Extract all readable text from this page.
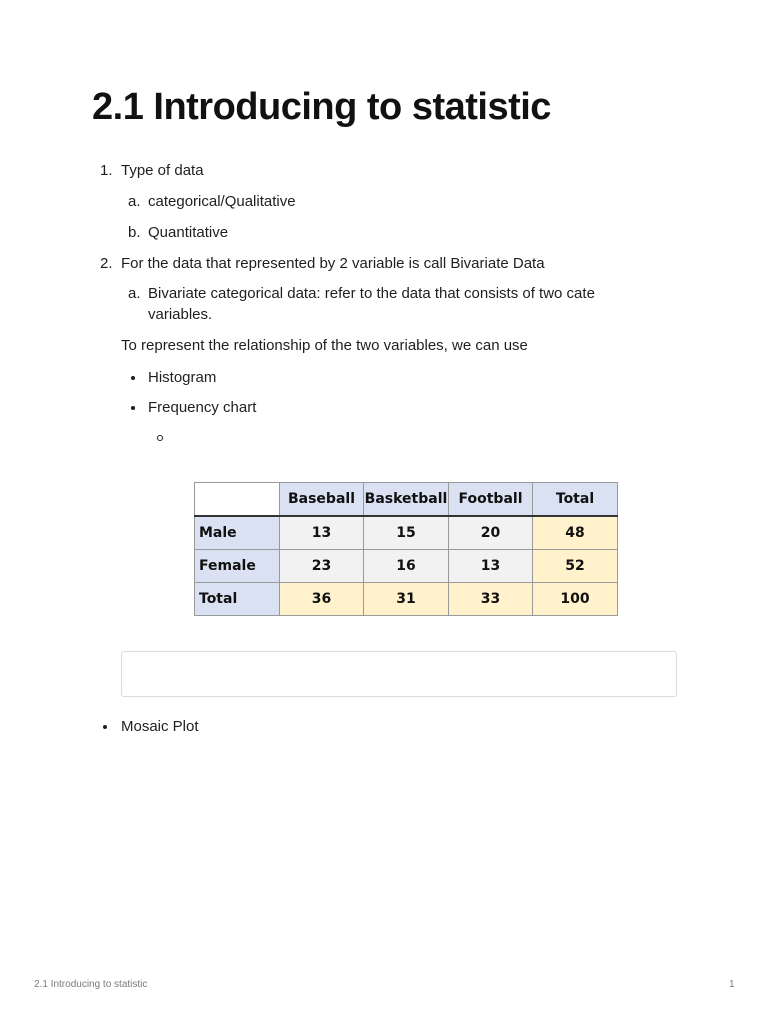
2.1 Introducing to statistic
1. Type of data
a. categorical/Qualitative
b. Quantitative
2. For the data that represented by 2 variable is call Bivariate Data
a. Bivariate categorical data: refer to the data that consists of two cate
variables.
To represent the relationship of the two variables, we can use
Histogram
Frequency chart
	Baseball	Basketball	Football	Total
Male	13	15	20	48
Female	23	16	13	52
Total	36	31	33	100
Mosaic Plot
2.1 Introducing to statistic	1
